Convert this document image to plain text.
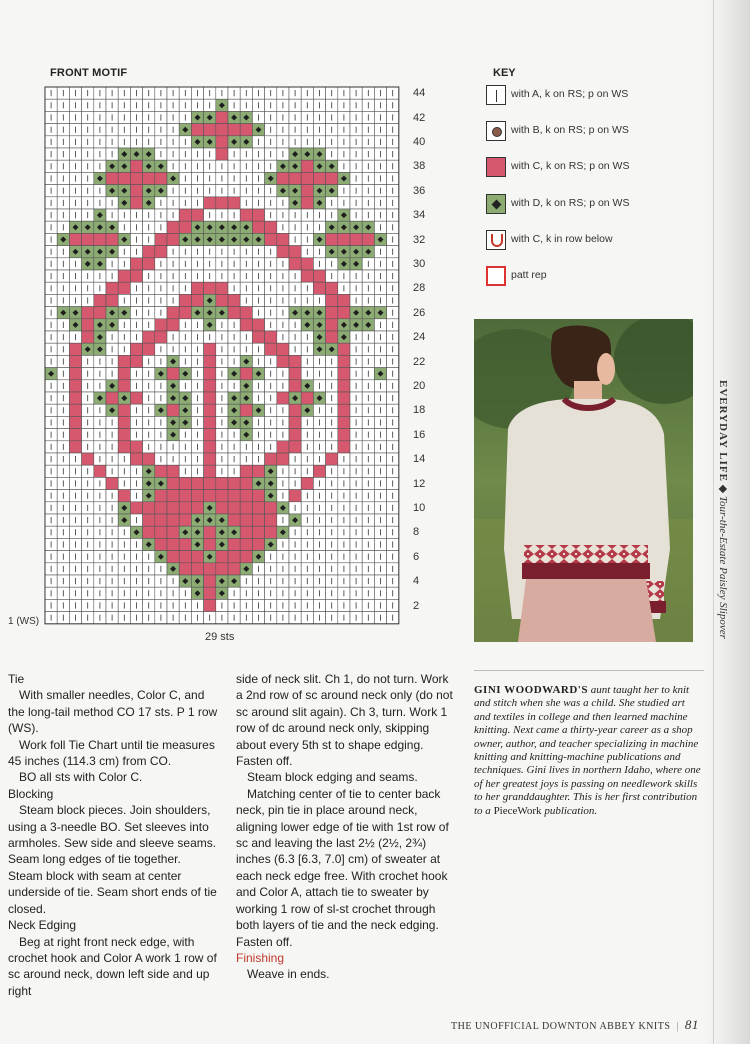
FRONT MOTIF
44
42
40
38
36
34
32
30
28
26
24
22
20
18
16
14
12
10
8
6
4
2
1 (WS)
29 sts
KEY
with A, k on RS; p on WS
with B, k on RS; p on WS
with C, k on RS; p on WS
with D, k on RS; p on WS
with C, k in row below
patt rep
EVERYDAY LIFE ◆ Tour-the-Estate Paisley Slipover

Tie

With smaller needles, Color C, and the long-tail method CO 17 sts. P 1 row (WS).

Work foll Tie Chart until tie measures 45 inches (114.3 cm) from CO.

BO all sts with Color C.

Blocking

Steam block pieces. Join shoulders, using a 3-needle BO. Set sleeves into armholes. Sew side and sleeve seams. Seam long edges of tie together. Steam block with seam at center underside of tie. Seam short ends of tie closed.

Neck Edging

Beg at right front neck edge, with crochet hook and Color A work 1 row of sc around neck, down left side and up right

side of neck slit. Ch 1, do not turn. Work a 2nd row of sc around neck only (do not sc around slit again). Ch 3, turn. Work 1 row of dc around neck only, skipping about every 5th st to shape edging. Fasten off.

Steam block edging and seams.

Matching center of tie to center back neck, pin tie in place around neck, aligning lower edge of tie with 1st row of sc and leaving the last 2½ (2½, 2¾) inches (6.3 [6.3, 7.0] cm) of sweater at each neck edge free. With crochet hook and Color A, attach tie to sweater by working 1 row of sl-st crochet through both layers of tie and the neck edging. Fasten off.

Finishing

Weave in ends.

GINI WOODWARD'S aunt taught her to knit and stitch when she was a child. She studied art and textiles in college and then learned machine knitting. Next came a thirty-year career as a shop owner, author, and teacher specializing in machine knitting and knitting-machine publications and techniques. Gini lives in northern Idaho, where one of her greatest joys is passing on needlework skills to her granddaughter. This is her first contribution to a PieceWork publication.
THE UNOFFICIAL DOWNTON ABBEY KNITS | 81
